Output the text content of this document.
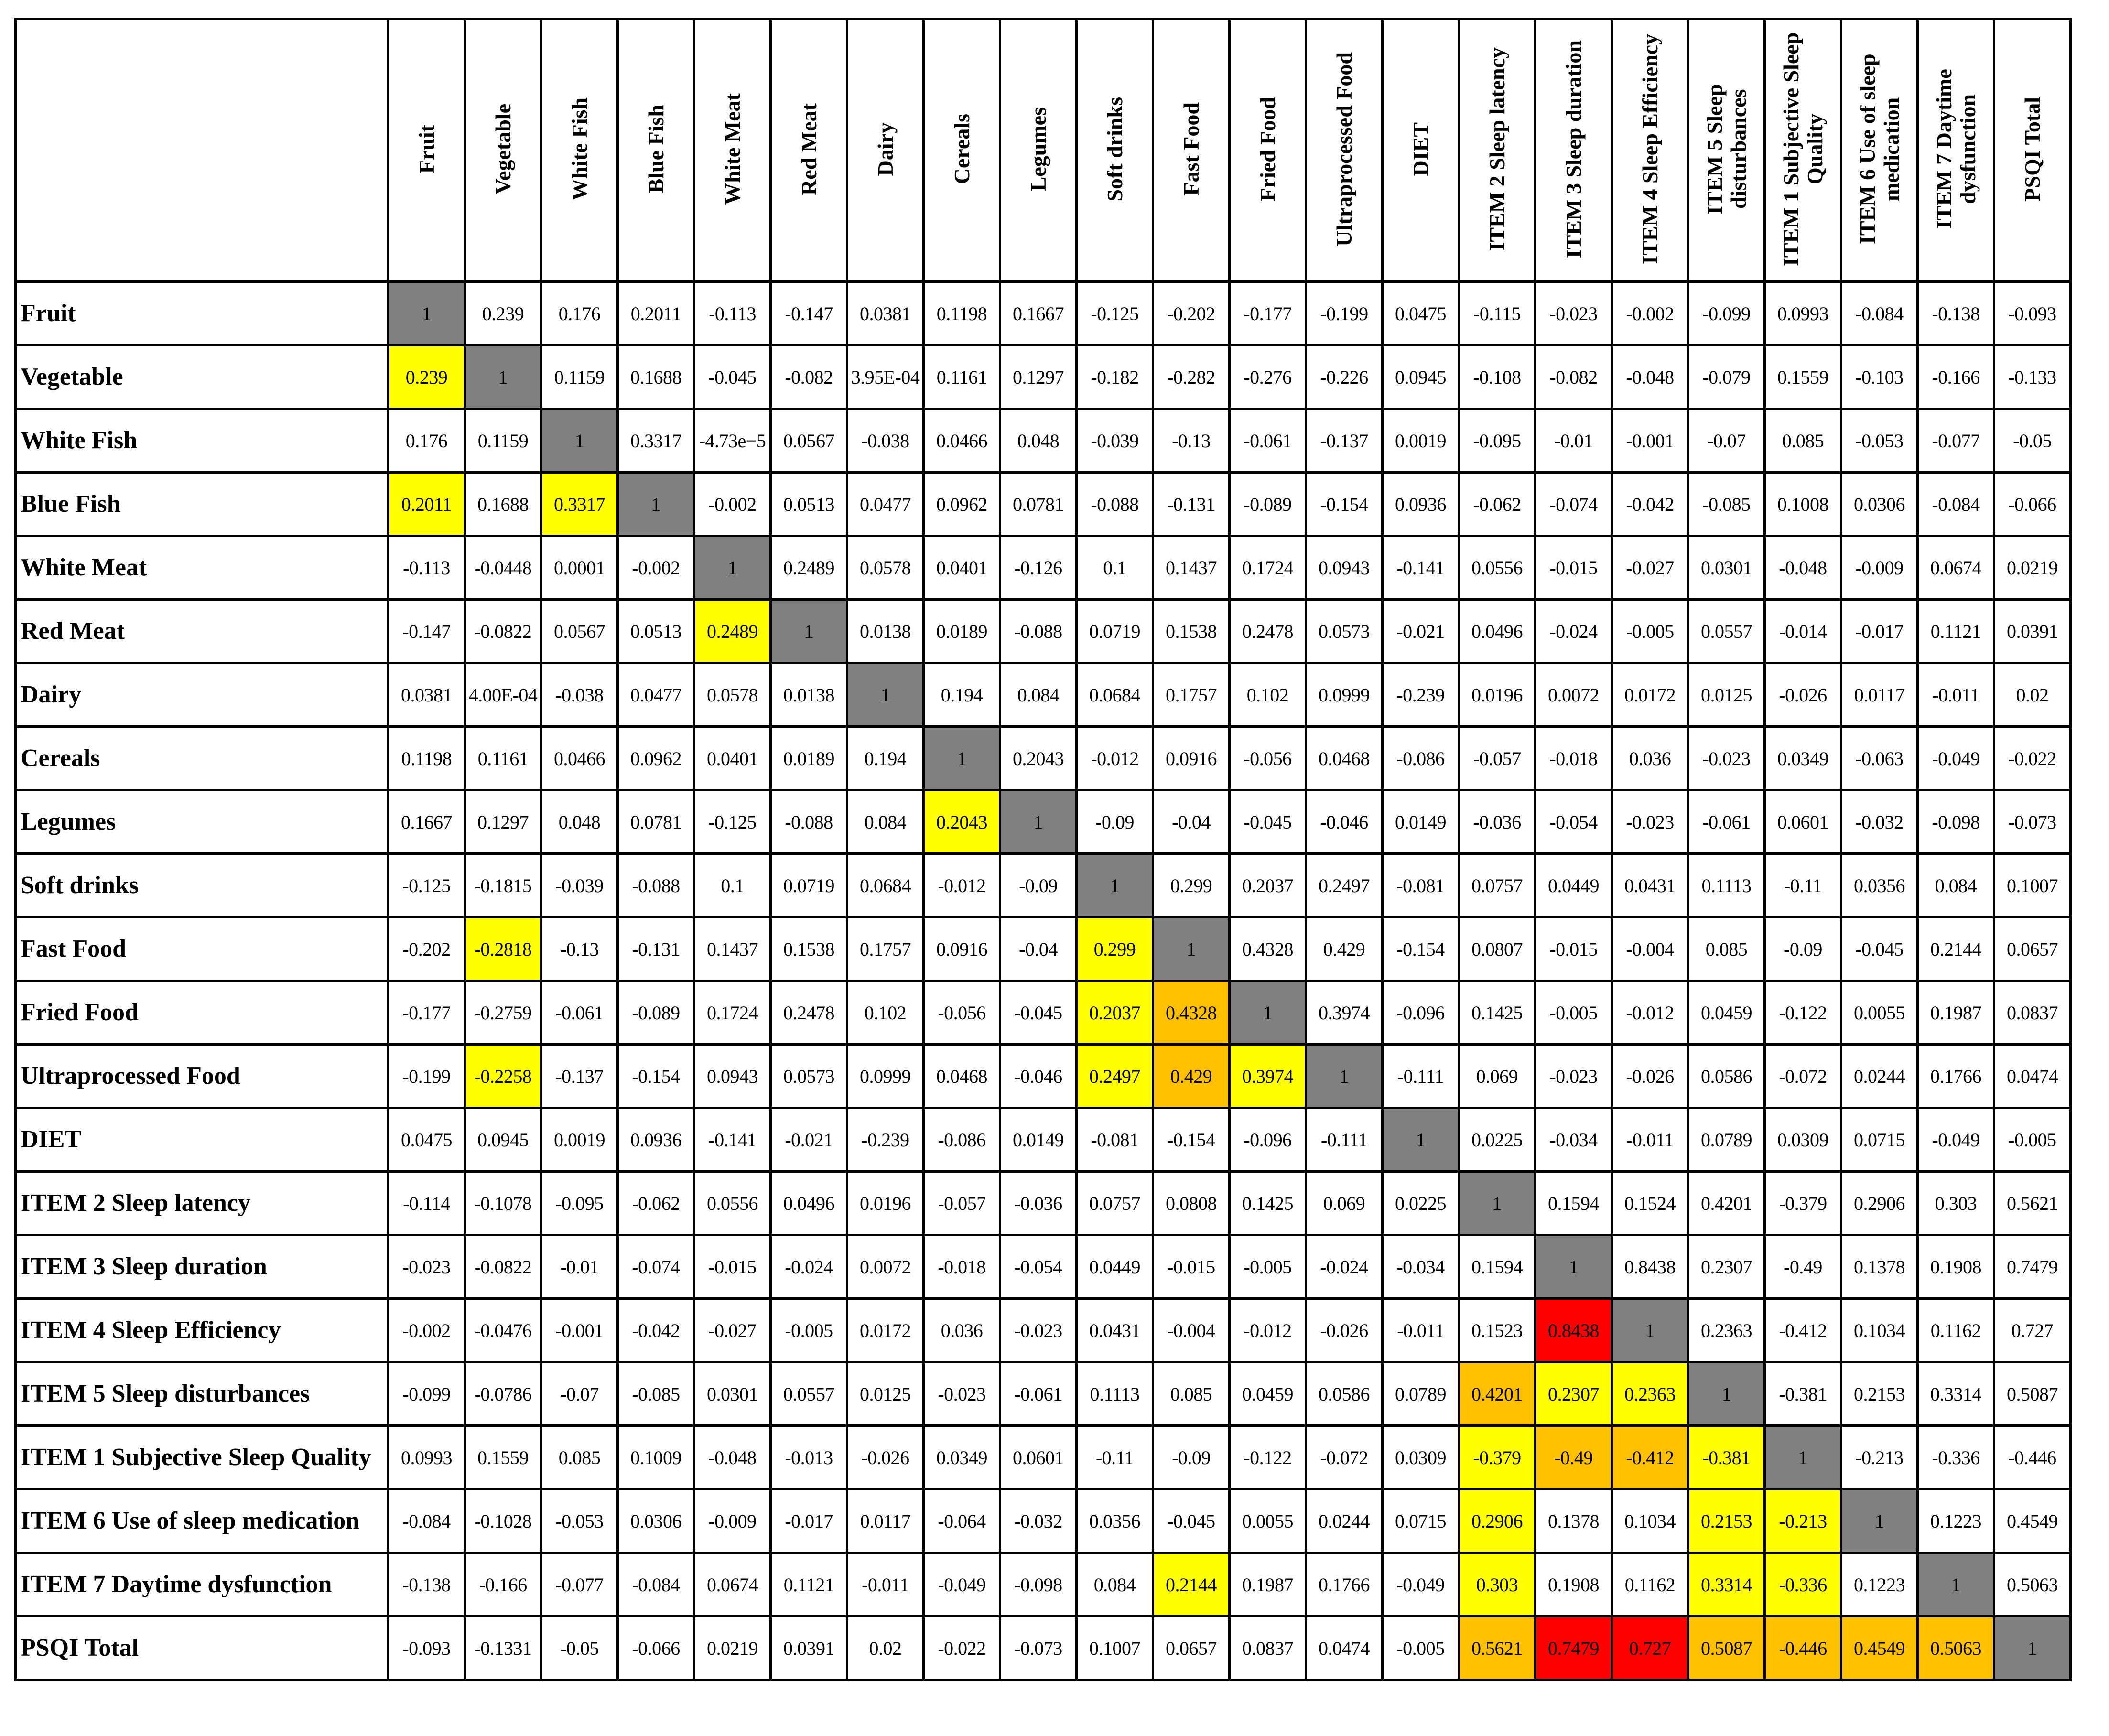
	Fruit	Vegetable	White Fish	Blue Fish	White Meat	Red Meat	Dairy	Cereals	Legumes	Soft drinks	Fast Food	Fried Food	Ultraprocessed Food	DIET	ITEM 2 Sleep latency	ITEM 3 Sleep duration	ITEM 4 Sleep Efficiency	ITEM 5 Sleep disturbances	ITEM 1 Subjective Sleep Quality	ITEM 6 Use of sleep medication	ITEM 7 Daytime dysfunction	PSQI Total
Fruit	1	0.239	0.176	0.2011	-0.113	-0.147	0.0381	0.1198	0.1667	-0.125	-0.202	-0.177	-0.199	0.0475	-0.115	-0.023	-0.002	-0.099	0.0993	-0.084	-0.138	-0.093
Vegetable	0.239	1	0.1159	0.1688	-0.045	-0.082	3.95E-04	0.1161	0.1297	-0.182	-0.282	-0.276	-0.226	0.0945	-0.108	-0.082	-0.048	-0.079	0.1559	-0.103	-0.166	-0.133
White Fish	0.176	0.1159	1	0.3317	-4.73e−5	0.0567	-0.038	0.0466	0.048	-0.039	-0.13	-0.061	-0.137	0.0019	-0.095	-0.01	-0.001	-0.07	0.085	-0.053	-0.077	-0.05
Blue Fish	0.2011	0.1688	0.3317	1	-0.002	0.0513	0.0477	0.0962	0.0781	-0.088	-0.131	-0.089	-0.154	0.0936	-0.062	-0.074	-0.042	-0.085	0.1008	0.0306	-0.084	-0.066
White Meat	-0.113	-0.0448	0.0001	-0.002	1	0.2489	0.0578	0.0401	-0.126	0.1	0.1437	0.1724	0.0943	-0.141	0.0556	-0.015	-0.027	0.0301	-0.048	-0.009	0.0674	0.0219
Red Meat	-0.147	-0.0822	0.0567	0.0513	0.2489	1	0.0138	0.0189	-0.088	0.0719	0.1538	0.2478	0.0573	-0.021	0.0496	-0.024	-0.005	0.0557	-0.014	-0.017	0.1121	0.0391
Dairy	0.0381	4.00E-04	-0.038	0.0477	0.0578	0.0138	1	0.194	0.084	0.0684	0.1757	0.102	0.0999	-0.239	0.0196	0.0072	0.0172	0.0125	-0.026	0.0117	-0.011	0.02
Cereals	0.1198	0.1161	0.0466	0.0962	0.0401	0.0189	0.194	1	0.2043	-0.012	0.0916	-0.056	0.0468	-0.086	-0.057	-0.018	0.036	-0.023	0.0349	-0.063	-0.049	-0.022
Legumes	0.1667	0.1297	0.048	0.0781	-0.125	-0.088	0.084	0.2043	1	-0.09	-0.04	-0.045	-0.046	0.0149	-0.036	-0.054	-0.023	-0.061	0.0601	-0.032	-0.098	-0.073
Soft drinks	-0.125	-0.1815	-0.039	-0.088	0.1	0.0719	0.0684	-0.012	-0.09	1	0.299	0.2037	0.2497	-0.081	0.0757	0.0449	0.0431	0.1113	-0.11	0.0356	0.084	0.1007
Fast Food	-0.202	-0.2818	-0.13	-0.131	0.1437	0.1538	0.1757	0.0916	-0.04	0.299	1	0.4328	0.429	-0.154	0.0807	-0.015	-0.004	0.085	-0.09	-0.045	0.2144	0.0657
Fried Food	-0.177	-0.2759	-0.061	-0.089	0.1724	0.2478	0.102	-0.056	-0.045	0.2037	0.4328	1	0.3974	-0.096	0.1425	-0.005	-0.012	0.0459	-0.122	0.0055	0.1987	0.0837
Ultraprocessed Food	-0.199	-0.2258	-0.137	-0.154	0.0943	0.0573	0.0999	0.0468	-0.046	0.2497	0.429	0.3974	1	-0.111	0.069	-0.023	-0.026	0.0586	-0.072	0.0244	0.1766	0.0474
DIET	0.0475	0.0945	0.0019	0.0936	-0.141	-0.021	-0.239	-0.086	0.0149	-0.081	-0.154	-0.096	-0.111	1	0.0225	-0.034	-0.011	0.0789	0.0309	0.0715	-0.049	-0.005
ITEM 2 Sleep latency	-0.114	-0.1078	-0.095	-0.062	0.0556	0.0496	0.0196	-0.057	-0.036	0.0757	0.0808	0.1425	0.069	0.0225	1	0.1594	0.1524	0.4201	-0.379	0.2906	0.303	0.5621
ITEM 3 Sleep duration	-0.023	-0.0822	-0.01	-0.074	-0.015	-0.024	0.0072	-0.018	-0.054	0.0449	-0.015	-0.005	-0.024	-0.034	0.1594	1	0.8438	0.2307	-0.49	0.1378	0.1908	0.7479
ITEM 4 Sleep Efficiency	-0.002	-0.0476	-0.001	-0.042	-0.027	-0.005	0.0172	0.036	-0.023	0.0431	-0.004	-0.012	-0.026	-0.011	0.1523	0.8438	1	0.2363	-0.412	0.1034	0.1162	0.727
ITEM 5 Sleep disturbances	-0.099	-0.0786	-0.07	-0.085	0.0301	0.0557	0.0125	-0.023	-0.061	0.1113	0.085	0.0459	0.0586	0.0789	0.4201	0.2307	0.2363	1	-0.381	0.2153	0.3314	0.5087
ITEM 1 Subjective Sleep Quality	0.0993	0.1559	0.085	0.1009	-0.048	-0.013	-0.026	0.0349	0.0601	-0.11	-0.09	-0.122	-0.072	0.0309	-0.379	-0.49	-0.412	-0.381	1	-0.213	-0.336	-0.446
ITEM 6 Use of sleep medication	-0.084	-0.1028	-0.053	0.0306	-0.009	-0.017	0.0117	-0.064	-0.032	0.0356	-0.045	0.0055	0.0244	0.0715	0.2906	0.1378	0.1034	0.2153	-0.213	1	0.1223	0.4549
ITEM 7 Daytime dysfunction	-0.138	-0.166	-0.077	-0.084	0.0674	0.1121	-0.011	-0.049	-0.098	0.084	0.2144	0.1987	0.1766	-0.049	0.303	0.1908	0.1162	0.3314	-0.336	0.1223	1	0.5063
PSQI Total	-0.093	-0.1331	-0.05	-0.066	0.0219	0.0391	0.02	-0.022	-0.073	0.1007	0.0657	0.0837	0.0474	-0.005	0.5621	0.7479	0.727	0.5087	-0.446	0.4549	0.5063	1
